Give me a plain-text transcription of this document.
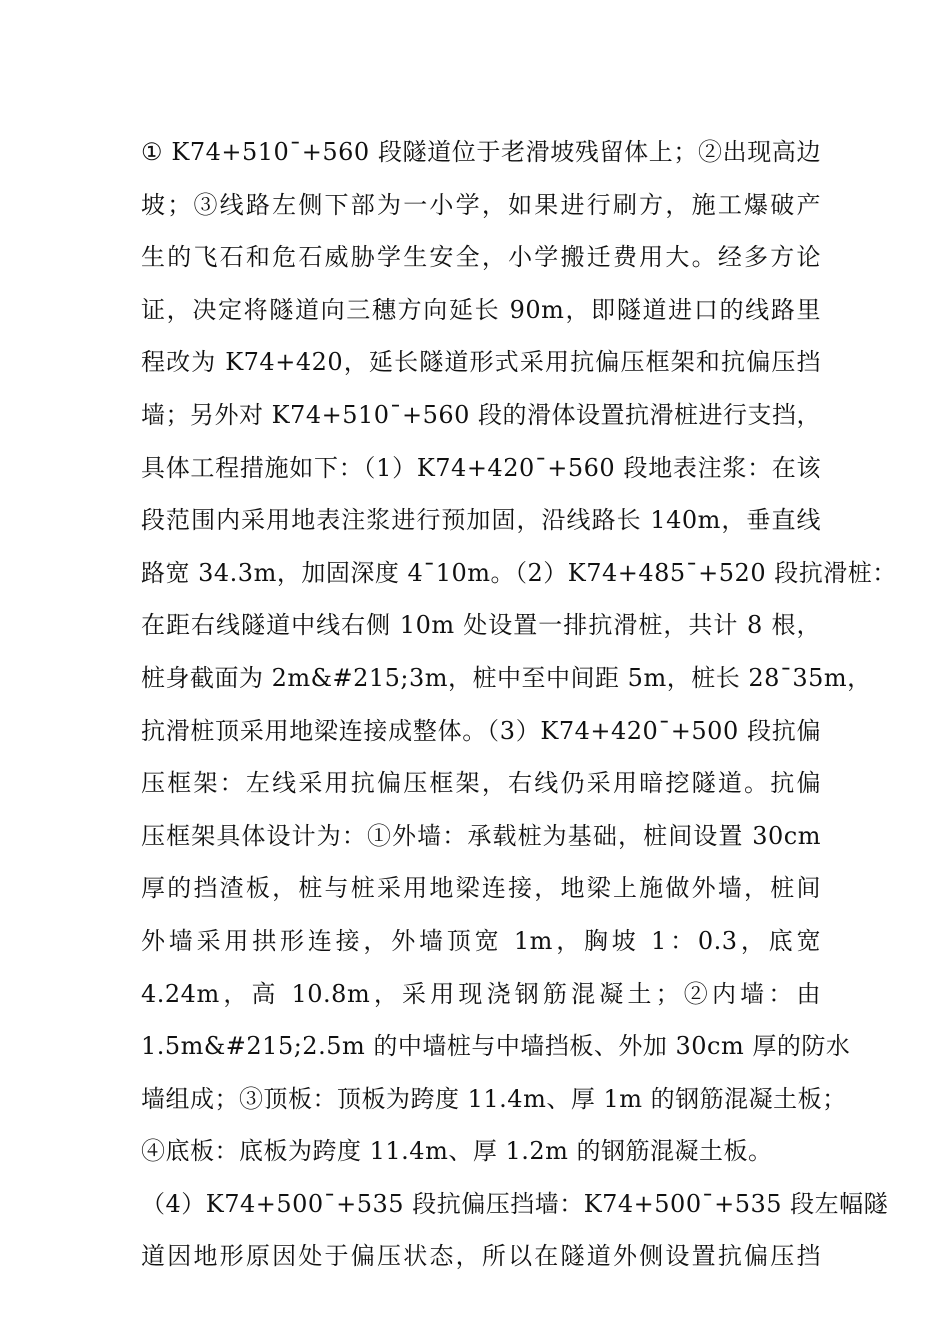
① K74+510¯+560 段隧道位于老滑坡残留体上；②出现高边
坡；③线路左侧下部为一小学，如果进行刷方，施工爆破产
生的飞石和危石威胁学生安全，小学搬迁费用大。经多方论
证，决定将隧道向三穗方向延长 90m，即隧道进口的线路里
程改为 K74+420，延长隧道形式采用抗偏压框架和抗偏压挡
墙；另外对 K74+510¯+560 段的滑体设置抗滑桩进行支挡，
具体工程措施如下：（1）K74+420¯+560 段地表注浆：在该
段范围内采用地表注浆进行预加固，沿线路长 140m，垂直线
路宽 34.3m，加固深度 4¯10m。（2）K74+485¯+520 段抗滑桩：
在距右线隧道中线右侧 10m 处设置一排抗滑桩，共计 8 根，
桩身截面为 2m&#215;3m，桩中至中间距 5m，桩长 28¯35m，
抗滑桩顶采用地梁连接成整体。（3）K74+420¯+500 段抗偏
压框架：左线采用抗偏压框架，右线仍采用暗挖隧道。抗偏
压框架具体设计为：①外墙：承载桩为基础，桩间设置 30cm
厚的挡渣板，桩与桩采用地梁连接，地梁上施做外墙，桩间
外墙采用拱形连接，外墙顶宽 1m，胸坡 1：0.3，底宽
4.24m，高 10.8m，采用现浇钢筋混凝土；②内墙：由
1.5m&#215;2.5m 的中墙桩与中墙挡板、外加 30cm 厚的防水
墙组成；③顶板：顶板为跨度 11.4m、厚 1m 的钢筋混凝土板；
④底板：底板为跨度 11.4m、厚 1.2m 的钢筋混凝土板。
（4）K74+500¯+535 段抗偏压挡墙：K74+500¯+535 段左幅隧
道因地形原因处于偏压状态，所以在隧道外侧设置抗偏压挡
